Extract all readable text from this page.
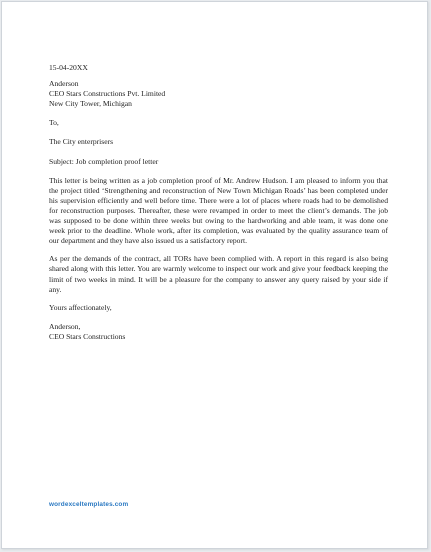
15-04-20XX
Anderson
CEO Stars Constructions Pvt. Limited
New City Tower, Michigan
To,
The City enterprisers
Subject: Job completion proof letter

This letter is being written as a job completion proof of Mr. Andrew Hudson. I am pleased to inform you that the project titled ‘Strengthening and reconstruction of New Town Michigan Roads’ has been completed under his supervision efficiently and well before time. There were a lot of places where roads had to be demolished for reconstruction purposes. Thereafter, these were revamped in order to meet the client’s demands. The job was supposed to be done within three weeks but owing to the hardworking and able team, it was done one week prior to the deadline. Whole work, after its completion, was evaluated by the quality assurance team of our department and they have also issued us a satisfactory report.

As per the demands of the contract, all TORs have been complied with. A report in this regard is also being shared along with this letter. You are warmly welcome to inspect our work and give your feedback keeping the limit of two weeks in mind. It will be a pleasure for the company to answer any query raised by your side if any.

Yours affectionately,
Anderson,
CEO Stars Constructions
wordexceltemplates.com
